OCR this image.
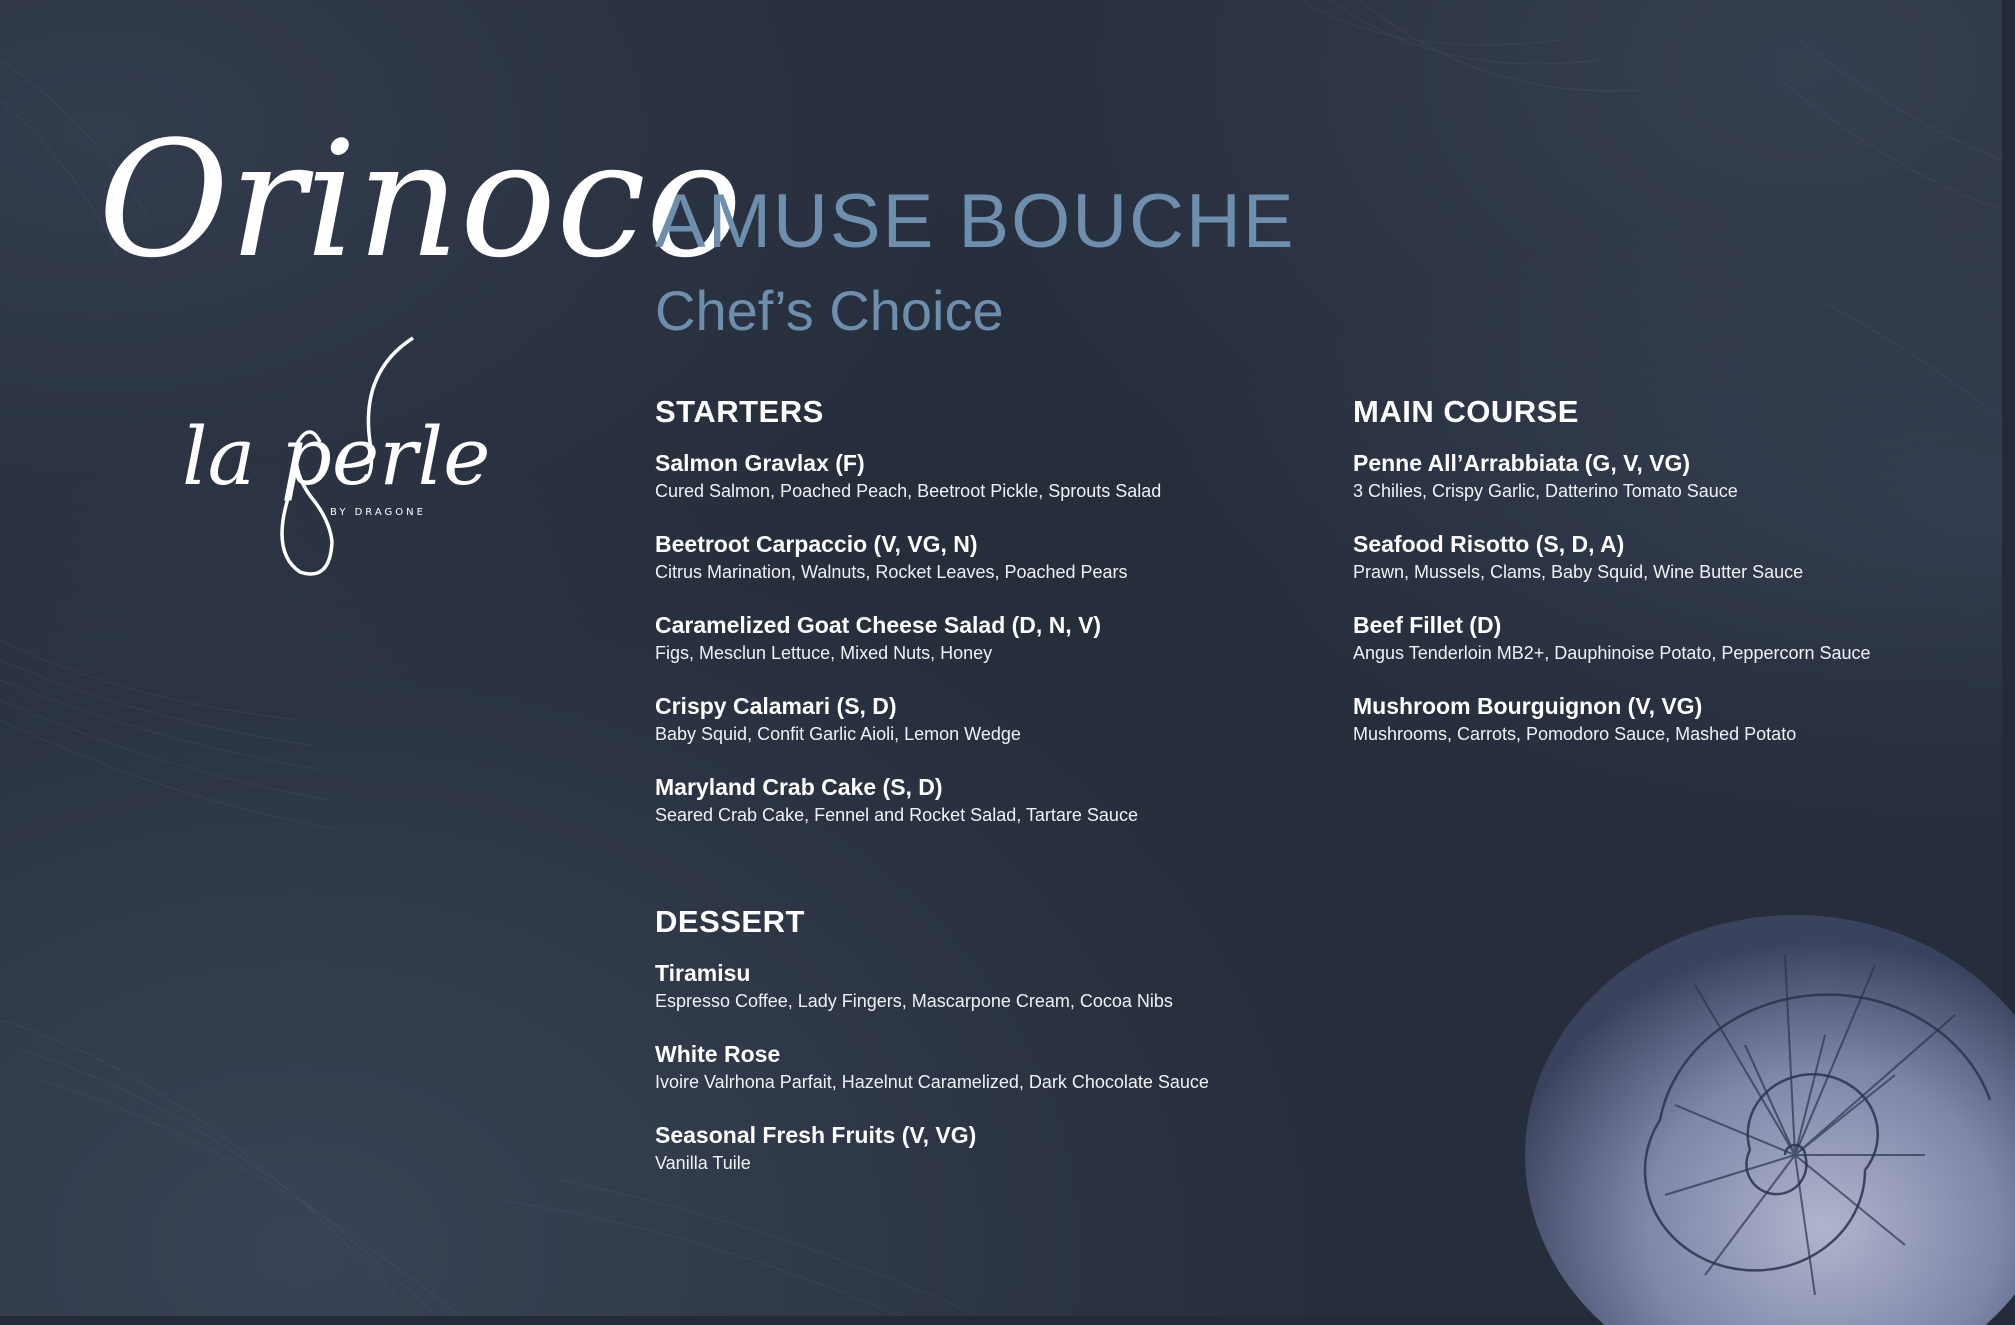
Orinoco
la perle
BY DRAGONE
AMUSE BOUCHE
Chef’s Choice
STARTERS
Salmon Gravlax (F)
Cured Salmon, Poached Peach, Beetroot Pickle, Sprouts Salad
Beetroot Carpaccio (V, VG, N)
Citrus Marination, Walnuts, Rocket Leaves, Poached Pears
Caramelized Goat Cheese Salad (D, N, V)
Figs, Mesclun Lettuce, Mixed Nuts, Honey
Crispy Calamari (S, D)
Baby Squid, Confit Garlic Aioli, Lemon Wedge
Maryland Crab Cake (S, D)
Seared Crab Cake, Fennel and Rocket Salad, Tartare Sauce
MAIN COURSE
Penne All’Arrabbiata (G, V, VG)
3 Chilies, Crispy Garlic, Datterino Tomato Sauce
Seafood Risotto (S, D, A)
Prawn, Mussels, Clams, Baby Squid, Wine Butter Sauce
Beef Fillet (D)
Angus Tenderloin MB2+, Dauphinoise Potato, Peppercorn Sauce
Mushroom Bourguignon (V, VG)
Mushrooms, Carrots, Pomodoro Sauce, Mashed Potato
DESSERT
Tiramisu
Espresso Coffee, Lady Fingers, Mascarpone Cream, Cocoa Nibs
White Rose
Ivoire Valrhona Parfait, Hazelnut Caramelized, Dark Chocolate Sauce
Seasonal Fresh Fruits (V, VG)
Vanilla Tuile
